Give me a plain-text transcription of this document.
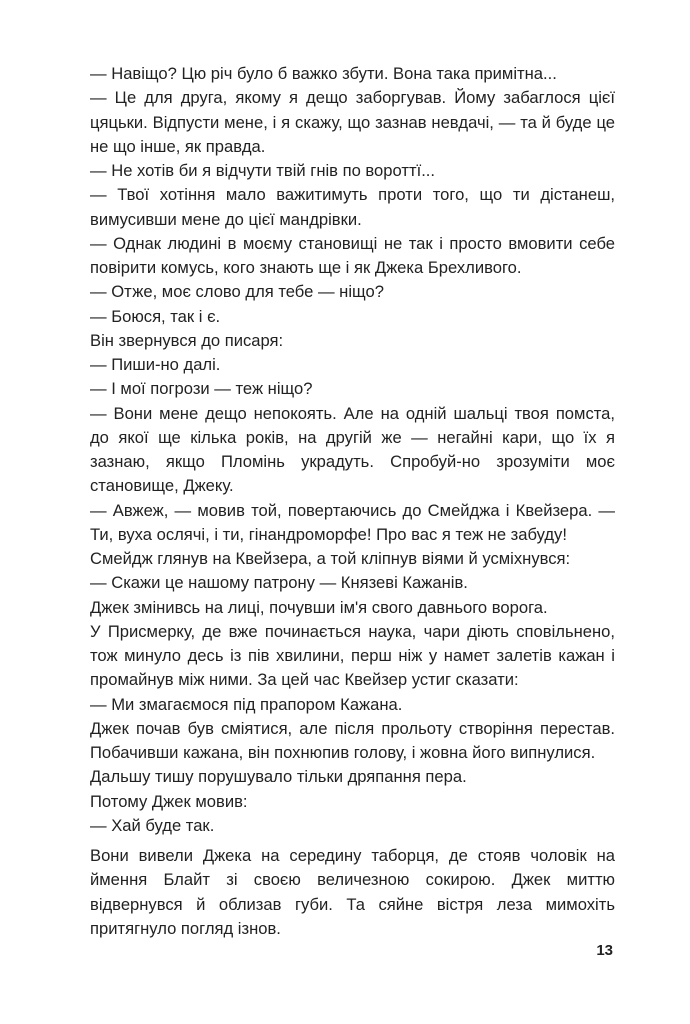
— Навіщо? Цю річ було б важко збути. Вона така примітна...

— Це для друга, якому я дещо заборгував. Йому забаглося цієї цяцьки. Відпусти мене, і я скажу, що зазнав невдачі, — та й буде це не що інше, як правда.

— Не хотів би я відчути твій гнів по вороттї...

— Твої хотіння мало важитимуть проти того, що ти дістанеш, вимусивши мене до цієї мандрівки.

— Однак людині в моєму становищі не так і просто вмовити себе повірити комусь, кого знають ще і як Джека Брехливого.

— Отже, моє слово для тебе — ніщо?

— Боюся, так і є.

Він звернувся до писаря:

— Пиши-но далі.

— І мої погрози — теж ніщо?

— Вони мене дещо непокоять. Але на одній шальці твоя помста, до якої ще кілька років, на другій же — негайні кари, що їх я зазнаю, якщо Пломінь украдуть. Спробуй-но зрозуміти моє становище, Джеку.

— Авжеж, — мовив той, повертаючись до Смейджа і Квейзера. — Ти, вуха ослячі, і ти, гінандроморфе! Про вас я теж не забуду!

Смейдж глянув на Квейзера, а той кліпнув віями й усміхнувся:

— Скажи це нашому патрону — Князеві Кажанів.

Джек змінивсь на лиці, почувши ім'я свого давнього ворога.

У Присмерку, де вже починається наука, чари діють сповільнено, тож минуло десь із пів хвилини, перш ніж у намет залетів кажан і промайнув між ними. За цей час Квейзер устиг сказати:

— Ми змагаємося під прапором Кажана.

Джек почав був сміятися, але після прольоту створіння перестав. Побачивши кажана, він похнюпив голову, і жовна його випнулися.

Дальшу тишу порушувало тільки дряпання пера.

Потому Джек мовив:

— Хай буде так.

Вони вивели Джека на середину таборця, де стояв чоловік на ймення Блайт зі своєю величезною сокирою. Джек миттю відвернувся й облизав губи. Та сяйне вістря леза мимохіть притягнуло погляд ізнов.

13
